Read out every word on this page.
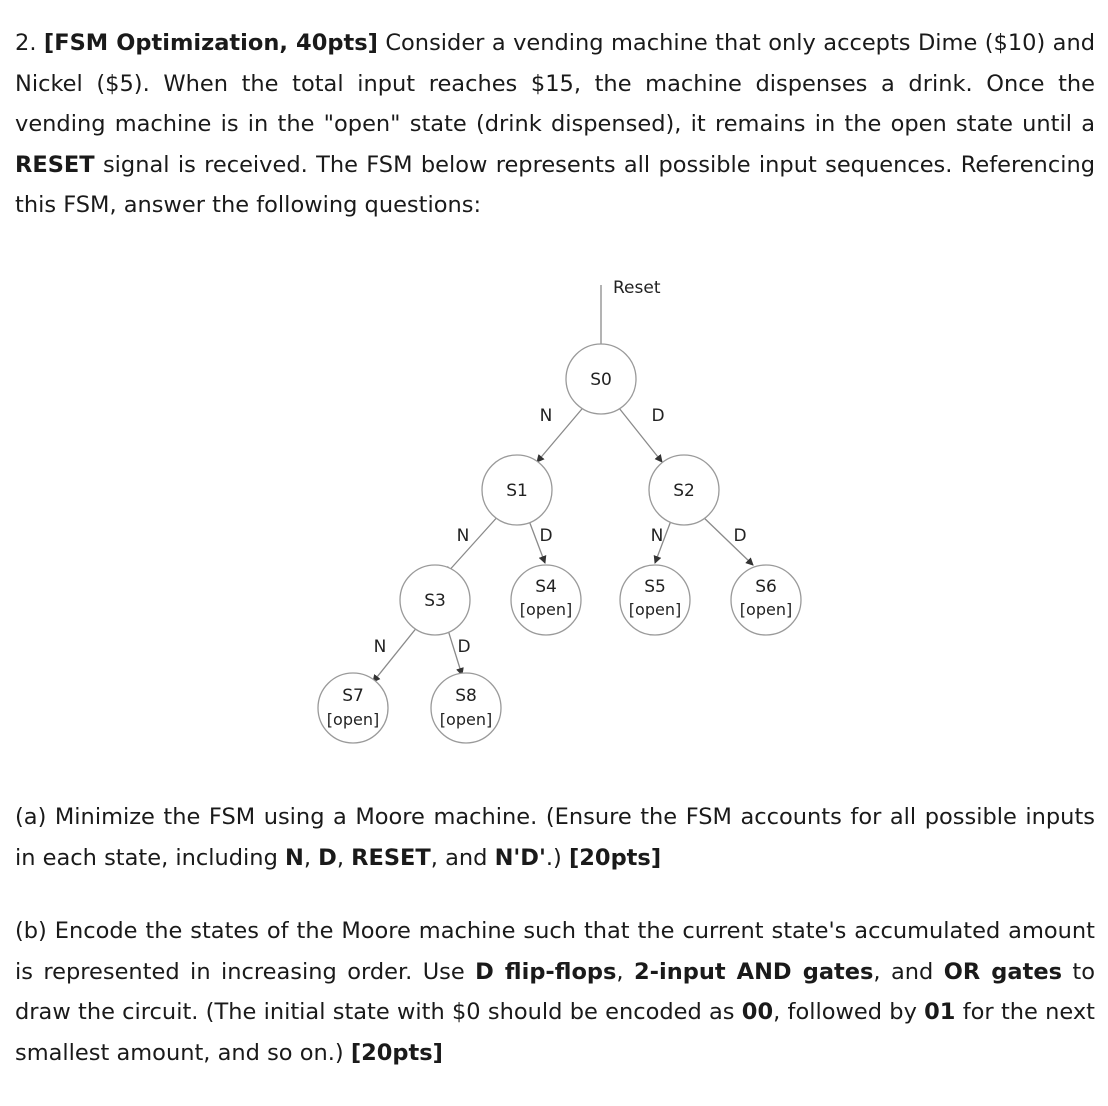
2. [FSM Optimization, 40pts] Consider a vending machine that only accepts Dime ($10) and Nickel ($5). When the total input reaches $15, the machine dispenses a drink. Once the vending machine is in the "open" state (drink dispensed), it remains in the open state until a RESET signal is received. The FSM below represents all possible input sequences. Referencing this FSM, answer the following questions:
Reset
N	D
N	D	N	D
N	D
S0
S1	S2
S3
S4
[open]
S5
[open]
S6
[open]
S7
[open]
S8
[open]
(a) Minimize the FSM using a Moore machine. (Ensure the FSM accounts for all possible inputs in each state, including N, D, RESET, and N'D'.) [20pts]
(b) Encode the states of the Moore machine such that the current state's accumulated amount is represented in increasing order. Use D flip-flops, 2-input AND gates, and OR gates to draw the circuit. (The initial state with $0 should be encoded as 00, followed by 01 for the next smallest amount, and so on.) [20pts]
